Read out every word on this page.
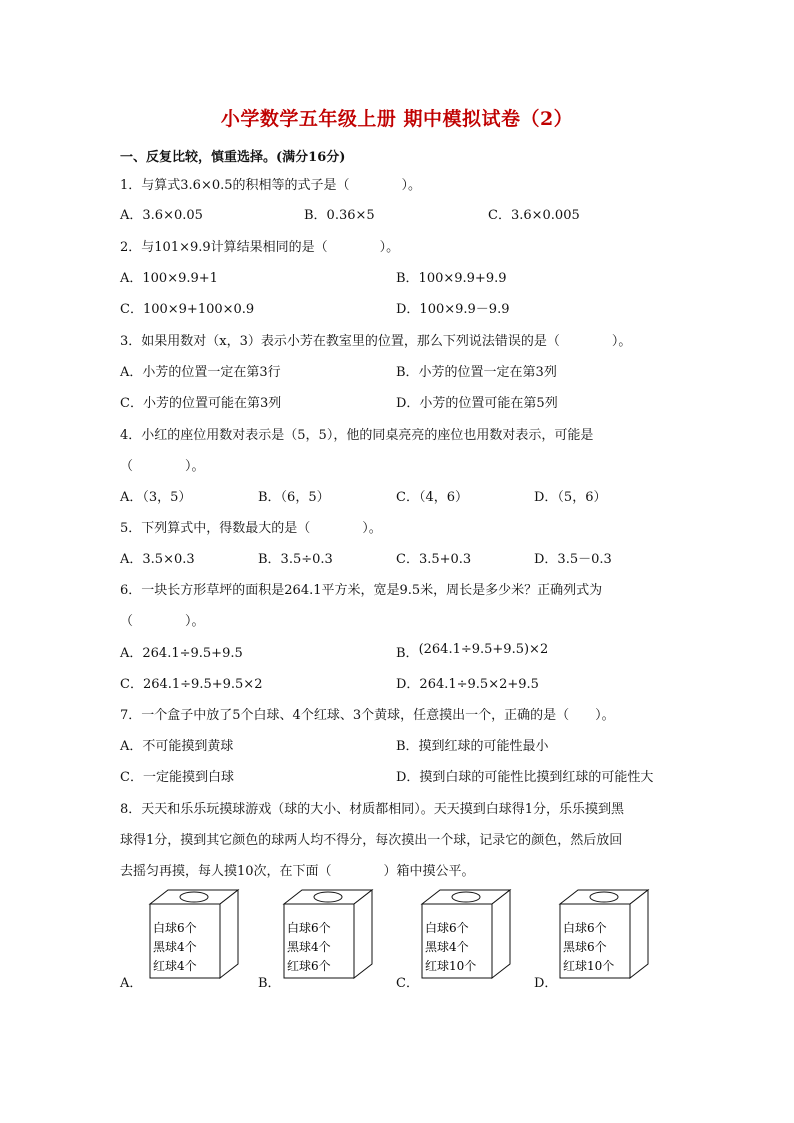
小学数学五年级上册 期中模拟试卷（2）
一、反复比较，慎重选择。(满分16分)
1．与算式3.6×0.5的积相等的式子是（　　　　）。
A．3.6×0.05	B．0.36×5	C．3.6×0.005
2．与101×9.9计算结果相同的是（　　　　）。
A．100×9.9+1	B．100×9.9+9.9
C．100×9+100×0.9	D．100×9.9－9.9
3．如果用数对（x，3）表示小芳在教室里的位置，那么下列说法错误的是（　　　　）。
A．小芳的位置一定在第3行	B．小芳的位置一定在第3列
C．小芳的位置可能在第3列	D．小芳的位置可能在第5列
4．小红的座位用数对表示是（5，5），他的同桌亮亮的座位也用数对表示，可能是
（　　　　）。
A．（3，5）	B．（6，5）	C．（4，6）	D．（5，6）
5．下列算式中，得数最大的是（　　　　）。
A．3.5×0.3	B．3.5÷0.3	C．3.5+0.3	D．3.5－0.3
6．一块长方形草坪的面积是264.1平方米，宽是9.5米，周长是多少米？正确列式为
（　　　　）。
A．264.1÷9.5+9.5	B．(264.1÷9.5+9.5)×2
C．264.1÷9.5+9.5×2	D．264.1÷9.5×2+9.5
7．一个盒子中放了5个白球、4个红球、3个黄球，任意摸出一个，正确的是（　　）。
A．不可能摸到黄球	B．摸到红球的可能性最小
C．一定能摸到白球	D．摸到白球的可能性比摸到红球的可能性大
8．天天和乐乐玩摸球游戏（球的大小、材质都相同）。天天摸到白球得1分，乐乐摸到黑
球得1分，摸到其它颜色的球两人均不得分，每次摸出一个球，记录它的颜色，然后放回
去摇匀再摸，每人摸10次，在下面（　　　　）箱中摸公平。
A．	B．	C．	D．
白球6个
黑球4个
红球4个
白球6个
黑球4个
红球6个
白球6个
黑球4个
红球10个
白球6个
黑球6个
红球10个
